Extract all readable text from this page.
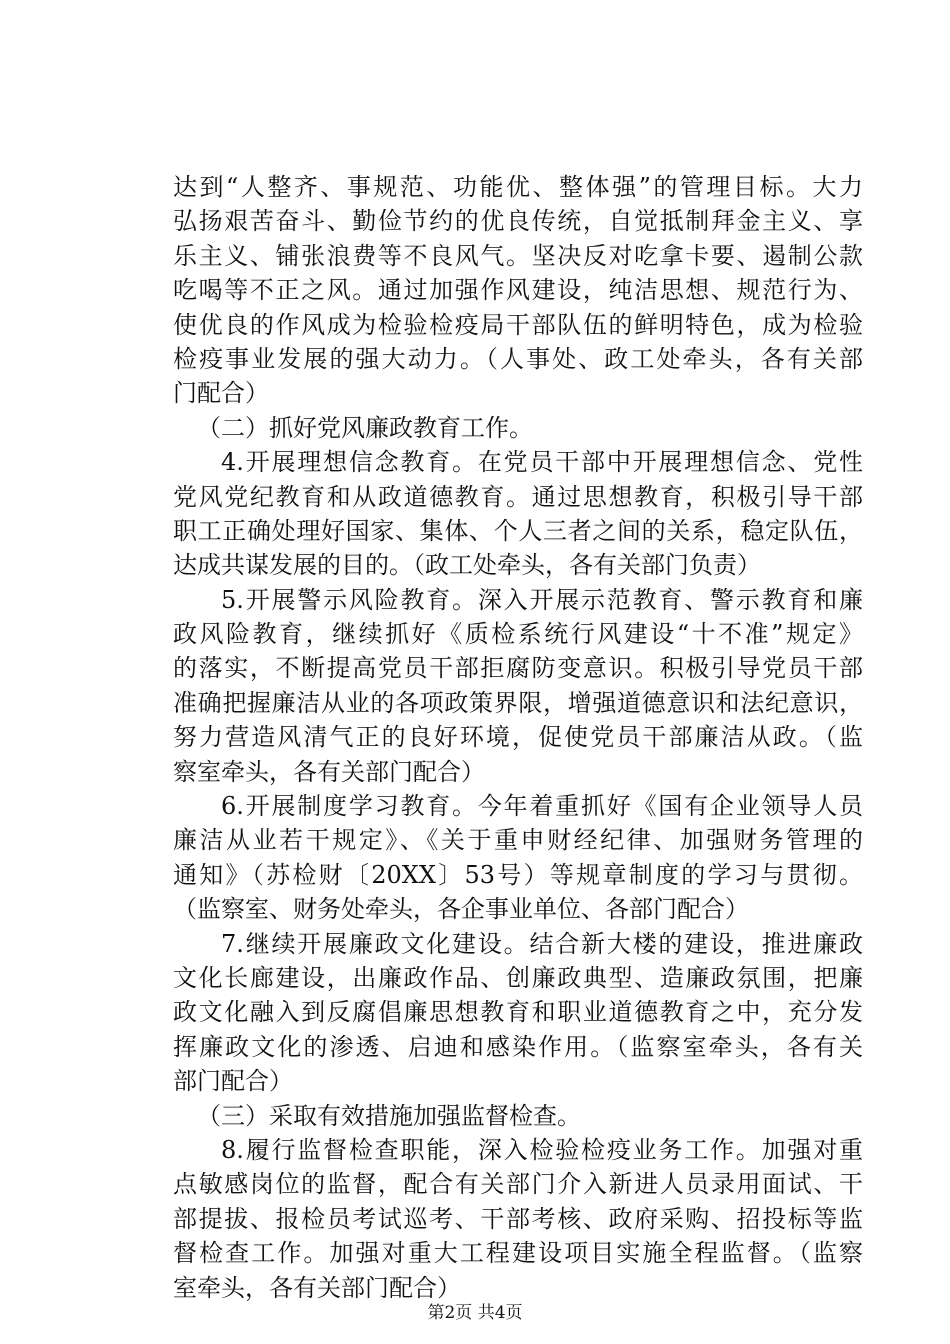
达到“人整齐、事规范、功能优、整体强”的管理目标。大力
弘扬艰苦奋斗、勤俭节约的优良传统，自觉抵制拜金主义、享
乐主义、铺张浪费等不良风气。坚决反对吃拿卡要、遏制公款
吃喝等不正之风。通过加强作风建设，纯洁思想、规范行为、
使优良的作风成为检验检疫局干部队伍的鲜明特色，成为检验
检疫事业发展的强大动力。（人事处、政工处牵头，各有关部
门配合）
（二）抓好党风廉政教育工作。
4.开展理想信念教育。在党员干部中开展理想信念、党性
党风党纪教育和从政道德教育。通过思想教育，积极引导干部
职工正确处理好国家、集体、个人三者之间的关系，稳定队伍，
达成共谋发展的目的。（政工处牵头，各有关部门负责）
5.开展警示风险教育。深入开展示范教育、警示教育和廉
政风险教育，继续抓好《质检系统行风建设“十不准”规定》
的落实，不断提高党员干部拒腐防变意识。积极引导党员干部
准确把握廉洁从业的各项政策界限，增强道德意识和法纪意识，
努力营造风清气正的良好环境，促使党员干部廉洁从政。（监
察室牵头，各有关部门配合）
6.开展制度学习教育。今年着重抓好《国有企业领导人员
廉洁从业若干规定》、《关于重申财经纪律、加强财务管理的
通知》（苏检财〔20XX〕53号）等规章制度的学习与贯彻。
（监察室、财务处牵头，各企事业单位、各部门配合）
7.继续开展廉政文化建设。结合新大楼的建设，推进廉政
文化长廊建设，出廉政作品、创廉政典型、造廉政氛围，把廉
政文化融入到反腐倡廉思想教育和职业道德教育之中，充分发
挥廉政文化的渗透、启迪和感染作用。（监察室牵头，各有关
部门配合）
（三）采取有效措施加强监督检查。
8.履行监督检查职能，深入检验检疫业务工作。加强对重
点敏感岗位的监督，配合有关部门介入新进人员录用面试、干
部提拔、报检员考试巡考、干部考核、政府采购、招投标等监
督检查工作。加强对重大工程建设项目实施全程监督。（监察
室牵头，各有关部门配合）
第2页 共4页
